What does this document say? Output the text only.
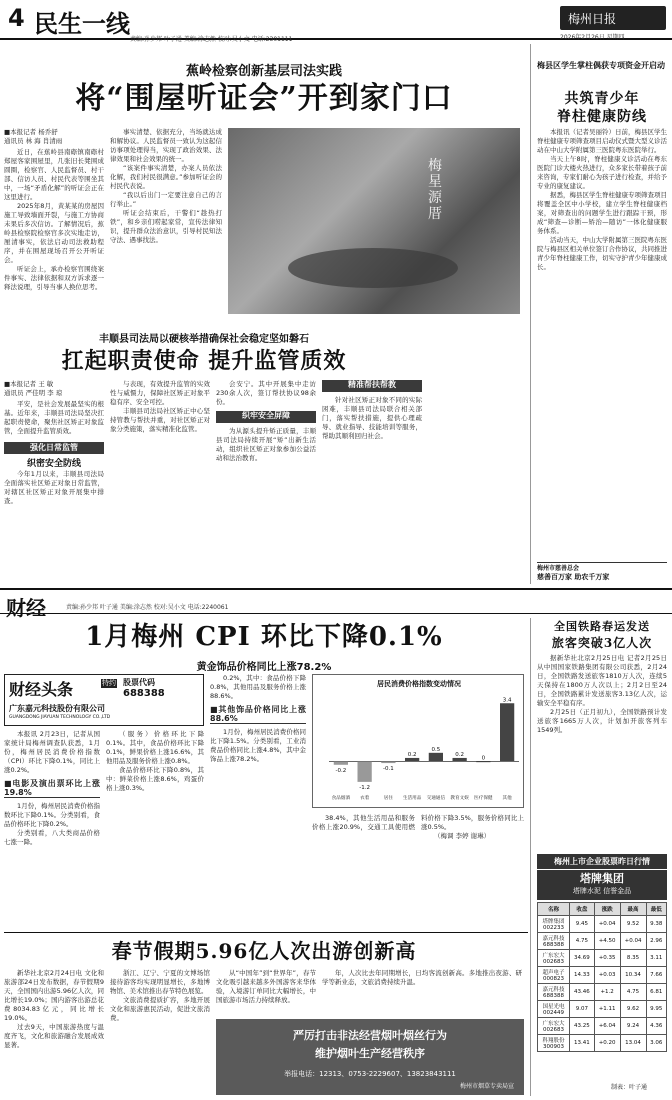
4 民生一线
责编:孙少邦 叶子通 美编:涂志然 校对:吴小文 电话:2301111
梅州日报
2026年2月26日 星期四
蕉岭检察创新基层司法实践
将“围屋听证会”开到家门口
■本报记者 杨乔舒
通讯员 林 海 肖清雨

近日，在蕉岭县南磜镇南磜村郑屋客家围屋里，几张旧长凳围成圆圈，检察官、人民监督员、村干部、信访人员、村民代表等围坐其中，一场“矛盾化解”的听证会正在这里进行。

2025年8月，黄某某的房屋因施工导致墙面开裂，与施工方协商未果后多次信访。了解情况后，蕉岭县检察院检察官多次实地走访，厘清事实，依法启动司法救助程序，并在围屋现场召开公开听证会。

听证会上，承办检察官围绕案件事实、法律依据和双方诉求逐一释法说理，引导当事人换位思考。

事实清楚、依据充分，当场就达成和解协议。人民监督员一致认为这起信访事项处理得当，实现了政治效果、法律效果和社会效果的统一。

“该案件事实清楚，办案人员依法化解，我们村民很满意。”参加听证会的村民代表说。

“我以后出门一定要注意自己的言行举止。”

听证会结束后，干警们“趁热打铁”，和乡亲们唠起家常，宣传法律知识，提升群众法治意识，引导村民知法守法、遇事找法。

梅星源厝
丰顺县司法局以硬核举措确保社会稳定坚如磐石
扛起职责使命 提升监管质效
■本报记者 王 敏
通讯员 严佳明 李 琼

平安，是社会发展最坚实的根基。近年来，丰顺县司法局坚决扛起职责使命，聚焦社区矫正对象监管，全面提升监管质效。

强化日常监管
织密安全防线

今年1月以来，丰顺县司法局全面落实社区矫正对象日常监管，对辖区社区矫正对象开展集中排查。

与表现，有效提升监管的实效性与威慑力，保障社区矫正对象平稳有序、安全可控。

丰顺县司法局社区矫正中心坚持管教与帮扶并重，对社区矫正对象分类施策，落实精准化监管。

会安宁。其中开展集中走访230余人次，签订帮扶协议98余份。

织牢安全屏障

为从源头提升矫正质量，丰顺县司法局持续开展“矫”出新生活动，组织社区矫正对象参加公益活动和法治教育。

精准帮扶帮教

针对社区矫正对象不同的实际困难，丰顺县司法局联合相关部门，落实帮扶措施，提供心理疏导、就业指导、技能培训等服务，帮助其顺利回归社会。

梅县区学生掌柱偶获专项资金开启动
共筑青少年
脊柱健康防线

本报讯（记者吴丽铃）日前，梅县区学生脊柱健康专项筛查项目启动仪式暨大型义诊活动在中山大学附属第三医院粤东医院举行。

当天上午8时，脊柱健康义诊活动在粤东医院门诊大楼火热进行，众多家长带着孩子前来咨询，专家们耐心为孩子进行检查，并给予专业的康复建议。

据悉，梅县区学生脊柱健康专项筛查项目将覆盖全区中小学校，建立学生脊柱健康档案，对筛查出的问题学生进行跟踪干预，形成“筛查—诊断—矫治—随访”一体化健康服务体系。

活动当天，中山大学附属第三医院粤东医院与梅县区相关单位签订合作协议，共同推进青少年脊柱健康工作，切实守护青少年健康成长。

梅州市慈善总会
慈善百万家 助农千万家
财经	责编:孙少邦 叶子通 美编:涂志然 校对:吴小文 电话:2240061
1月梅州 CPI 环比下降0.1%
黄金饰品价格同比上涨78.2%
财经头条	特约 股票代码
688388
广东嘉元科技股份有限公司
GUANGDONG JIAYUAN TECHNOLOGY CO.,LTD

本报讯 2月23日，记者从国家统计局梅州调查队获悉，1月份，梅州居民消费价格指数（CPI）环比下降0.1%，同比上涨0.2%。

■电影及演出票环比上涨19.8%

1月份，梅州居民消费价格指数环比下降0.1%。分类别看，食品价格环比下降0.2%。

分类别看，八大类商品价格七涨一降。

（服务）价格环比下降0.1%。其中，食品价格环比下降0.1%，鲜果价格上涨16.6%，其他用品及服务价格上涨0.8%。

食品价格环比下降0.8%，其中：鲜菜价格上涨8.6%，鸡蛋价格上涨0.3%。

0.2%，其中：食品价格下降0.8%，其他用品及服务价格上涨88.6%。

■其他饰品价格同比上涨88.6%

1月份，梅州居民消费价格同比下降1.5%。分类别看，工业消费品价格同比上涨4.8%，其中金饰品上涨78.2%。

居民消费价格指数变动情况
-0.2
食品烟酒
-1.2
衣着
-0.1
居住
0.2
生活用品
0.5
交通通信
0.2
教育文娱
0
医疗保健
3.4
其他

38.4%，其他生活用品和服务价格上涨20.9%，交通工具使用燃料价格下降3.5%，服务价格同比上涨0.5%。

（梅调 李婷 谢琳）

全国铁路春运发送
旅客突破3亿人次

据新华社北京2月25日电 记者2月25日从中国国家铁路集团有限公司获悉，2月24日，全国铁路发送旅客1810万人次，连续5天保持在1800万人次以上；2月2日至24日，全国铁路累计发送旅客3.13亿人次，运输安全平稳有序。

2月25日（正月初九），全国铁路预计发送旅客1665万人次，计划加开旅客列车1549列。

梅州上市企业股票昨日行情
塔牌集团
塔牌水泥 信誉金品
名称	收盘	涨跌	最高	最低
塔牌集团
002233	9.45	+0.04	9.52	9.38
嘉元科技
688388	4.75	+4.50	+0.04	2.96
广东宏大
002683	34.69	+0.35	8.35	3.11
超声电子
000823	14.33	+0.03	10.34	7.66
嘉元科技
688388	43.46	+1.2	4.75	6.81
国星光电
002449	9.07	+1.11	9.62	9.95
广东宏大
002683	43.25	+6.04	9.24	4.36
科翔股份
300903	13.41	+0.20	13.04	3.06
制表：叶子通
春节假期5.96亿人次出游创新高

新华社北京2月24日电 文化和旅游部24日发布数据，春节假期9天，全国国内出游5.96亿人次，同比增长19.0%；国内游客出游总花费8034.83亿元，同比增长19.0%。

过去9天，中国旅游热度与温度齐飞，文化和旅游融合发展成效显著。

浙江、辽宁、宁夏的文博场馆接待游客均实现明显增长，多地博物馆、美术馆推出春节特色展览。

文旅消费提质扩容，多地开展文化和旅游惠民活动，促进文旅消费。

从“中国年”到“世界年”，春节文化吸引越来越多外国游客来华体验，入境游订单同比大幅增长，中国旅游市场活力持续释放。

年，人次比去年同期增长，日均客流创新高。多地推出夜游、研学等新业态，文旅消费持续升温。

严厉打击非法经营烟叶烟丝行为
维护烟叶生产经营秩序
举报电话：12313、0753-2229607、13823843111
梅州市烟草专卖局宣
